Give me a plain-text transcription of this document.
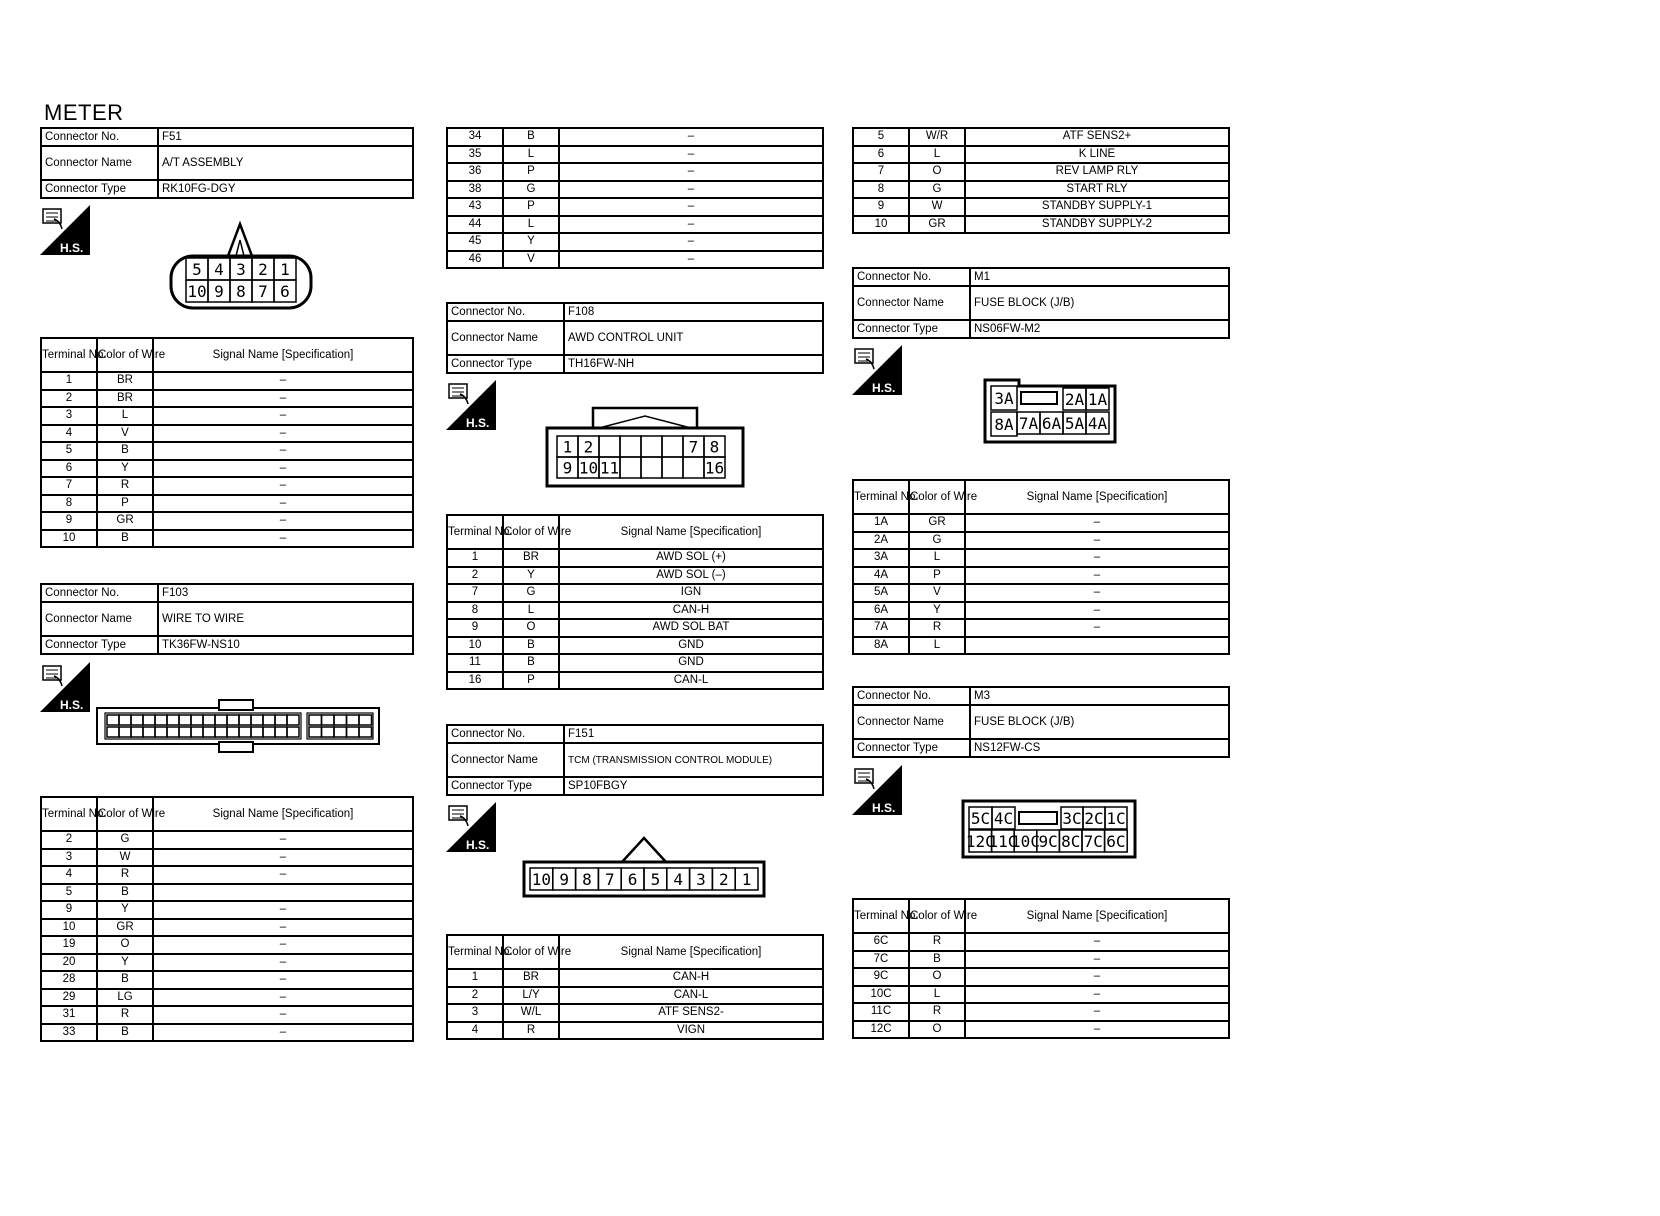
METER
Connector No.	F51
Connector Name	A/T ASSEMBLY
Connector Type	RK10FG-DGY
H.S.
5 4 3 2 1
10 9 8 7 6
Terminal No.	Color of Wire	Signal Name [Specification]
1	BR	–
2	BR	–
3	L	–
4	V	–
5	B	–
6	Y	–
7	R	–
8	P	–
9	GR	–
10	B	–
Connector No.	F103
Connector Name	WIRE TO WIRE
Connector Type	TK36FW-NS10
H.S.
Terminal No.	Color of Wire	Signal Name [Specification]
2	G	–
3	W	–
4	R	–
5	B	
9	Y	–
10	GR	–
19	O	–
20	Y	–
28	B	–
29	LG	–
31	R	–
33	B	–
34	B	–
35	L	–
36	P	–
38	G	–
43	P	–
44	L	–
45	Y	–
46	V	–
Connector No.	F108
Connector Name	AWD CONTROL UNIT
Connector Type	TH16FW-NH
H.S.
1
9
2
10 11
7 8
16
Terminal No.	Color of Wire	Signal Name [Specification]
1	BR	AWD SOL (+)
2	Y	AWD SOL (–)
7	G	IGN
8	L	CAN-H
9	O	AWD SOL BAT
10	B	GND
11	B	GND
16	P	CAN-L
Connector No.	F151
Connector Name	TCM (TRANSMISSION CONTROL MODULE)
Connector Type	SP10FBGY
H.S.
10 9 8 7 6 5 4 3 2 1
Terminal No.	Color of Wire	Signal Name [Specification]
1	BR	CAN-H
2	L/Y	CAN-L
3	W/L	ATF SENS2-
4	R	VIGN
5	W/R	ATF SENS2+
6	L	K LINE
7	O	REV LAMP RLY
8	G	START RLY
9	W	STANDBY SUPPLY-1
10	GR	STANDBY SUPPLY-2
Connector No.	M1
Connector Name	FUSE BLOCK (J/B)
Connector Type	NS06FW-M2
H.S.
3A	2A 1A
8A 7A 6A 5A 4A
Terminal No.	Color of Wire	Signal Name [Specification]
1A	GR	–
2A	G	–
3A	L	–
4A	P	–
5A	V	–
6A	Y	–
7A	R	–
8A	L	
Connector No.	M3
Connector Name	FUSE BLOCK (J/B)
Connector Type	NS12FW-CS
H.S.
5C 4C	3C 2C 1C
12C
11C
10C
9C 8C 7C 6C
Terminal No.	Color of Wire	Signal Name [Specification]
6C	R	–
7C	B	–
9C	O	–
10C	L	–
11C	R	–
12C	O	–
